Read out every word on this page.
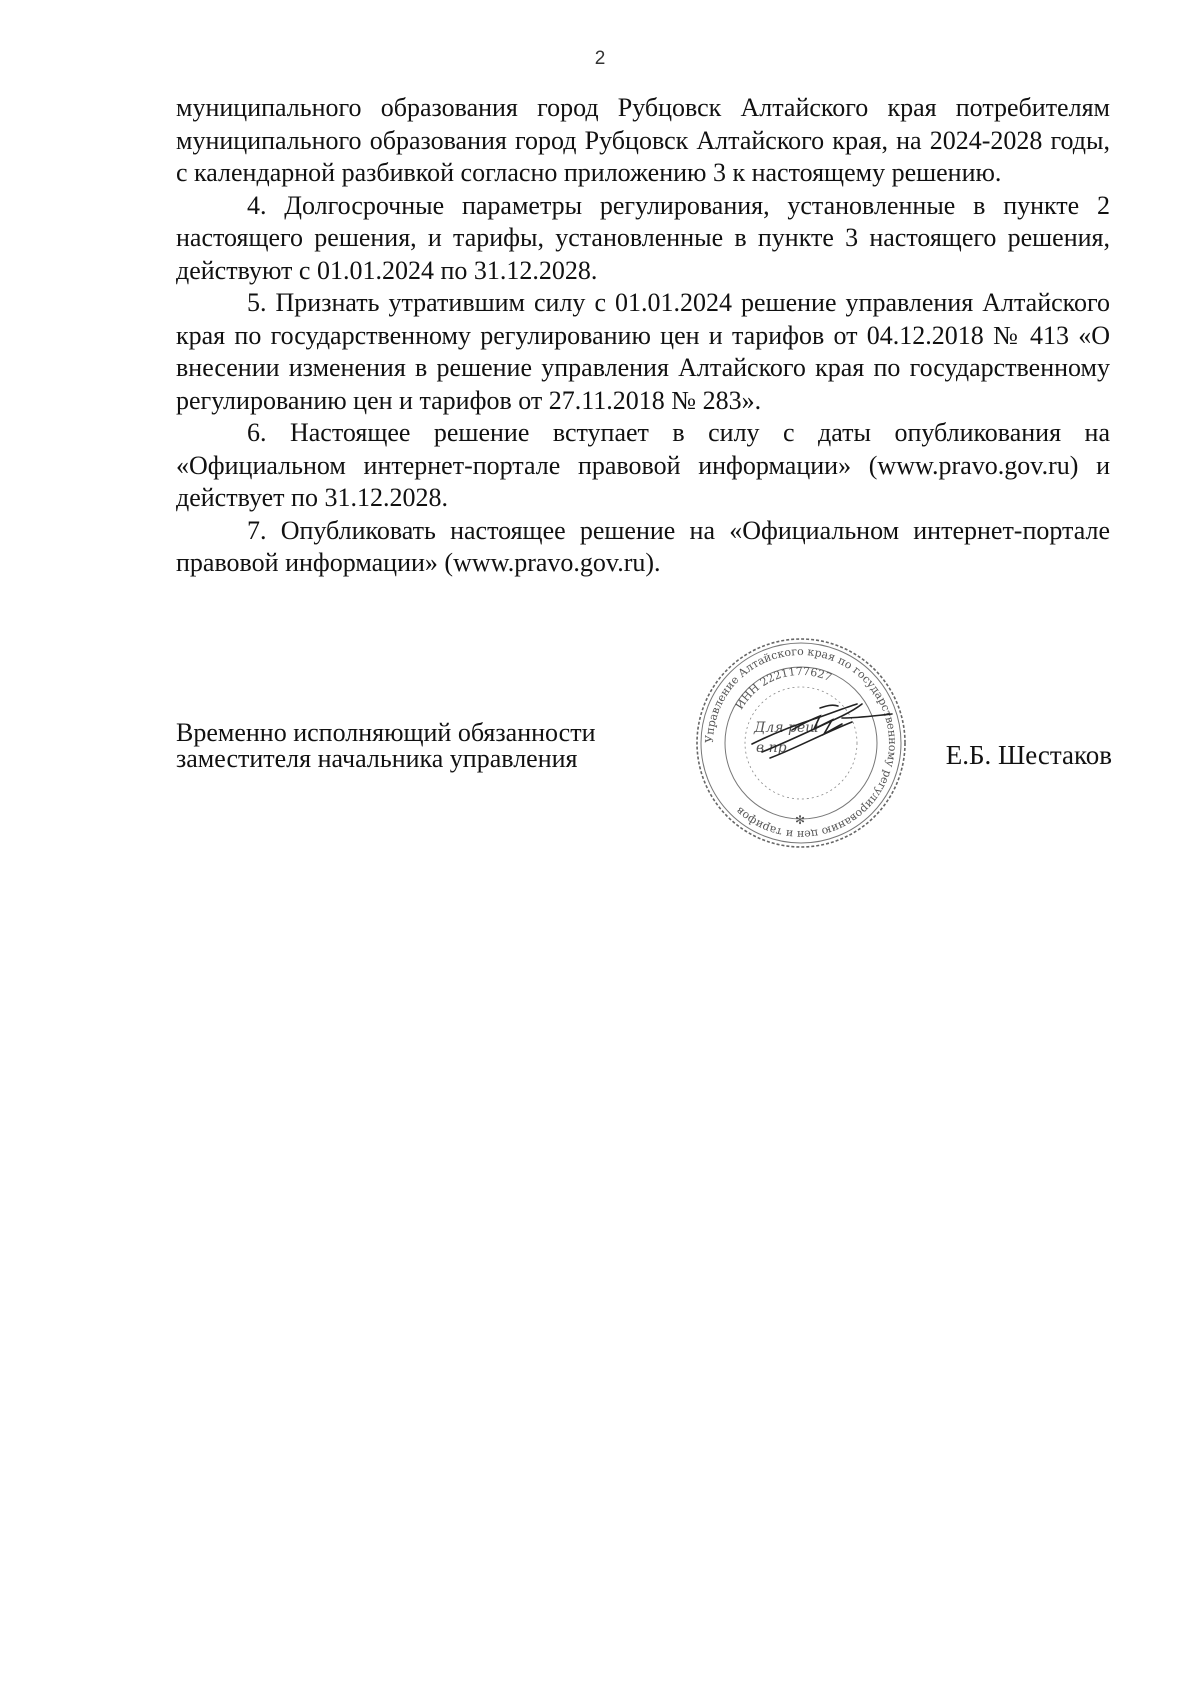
2

муниципального образования город Рубцовск Алтайского края потребителям муниципального образования город Рубцовск Алтайского края, на 2024-2028 годы, с календарной разбивкой согласно приложению 3 к настоящему решению.

4. Долгосрочные параметры регулирования, установленные в пункте 2 настоящего решения, и тарифы, установленные в пункте 3 настоящего решения, действуют с 01.01.2024 по 31.12.2028.

5. Признать утратившим силу с 01.01.2024 решение управления Алтайского края по государственному регулированию цен и тарифов от 04.12.2018 № 413 «О внесении изменения в решение управления Алтайского края по государственному регулированию цен и тарифов от 27.11.2018 № 283».

6. Настоящее решение вступает в силу с даты опубликования на «Официальном интернет-портале правовой информации» (www.pravo.gov.ru) и действует по 31.12.2028.

7. Опубликовать настоящее решение на «Официальном интернет-портале правовой информации» (www.pravo.gov.ru).

Управление Алтайского края по государственному регулированию цен и тарифов
ИНН 2221177627
Для реш
в пр
✻
Временно исполняющий обязанности
заместителя начальника управления	Е.Б. Шестаков
